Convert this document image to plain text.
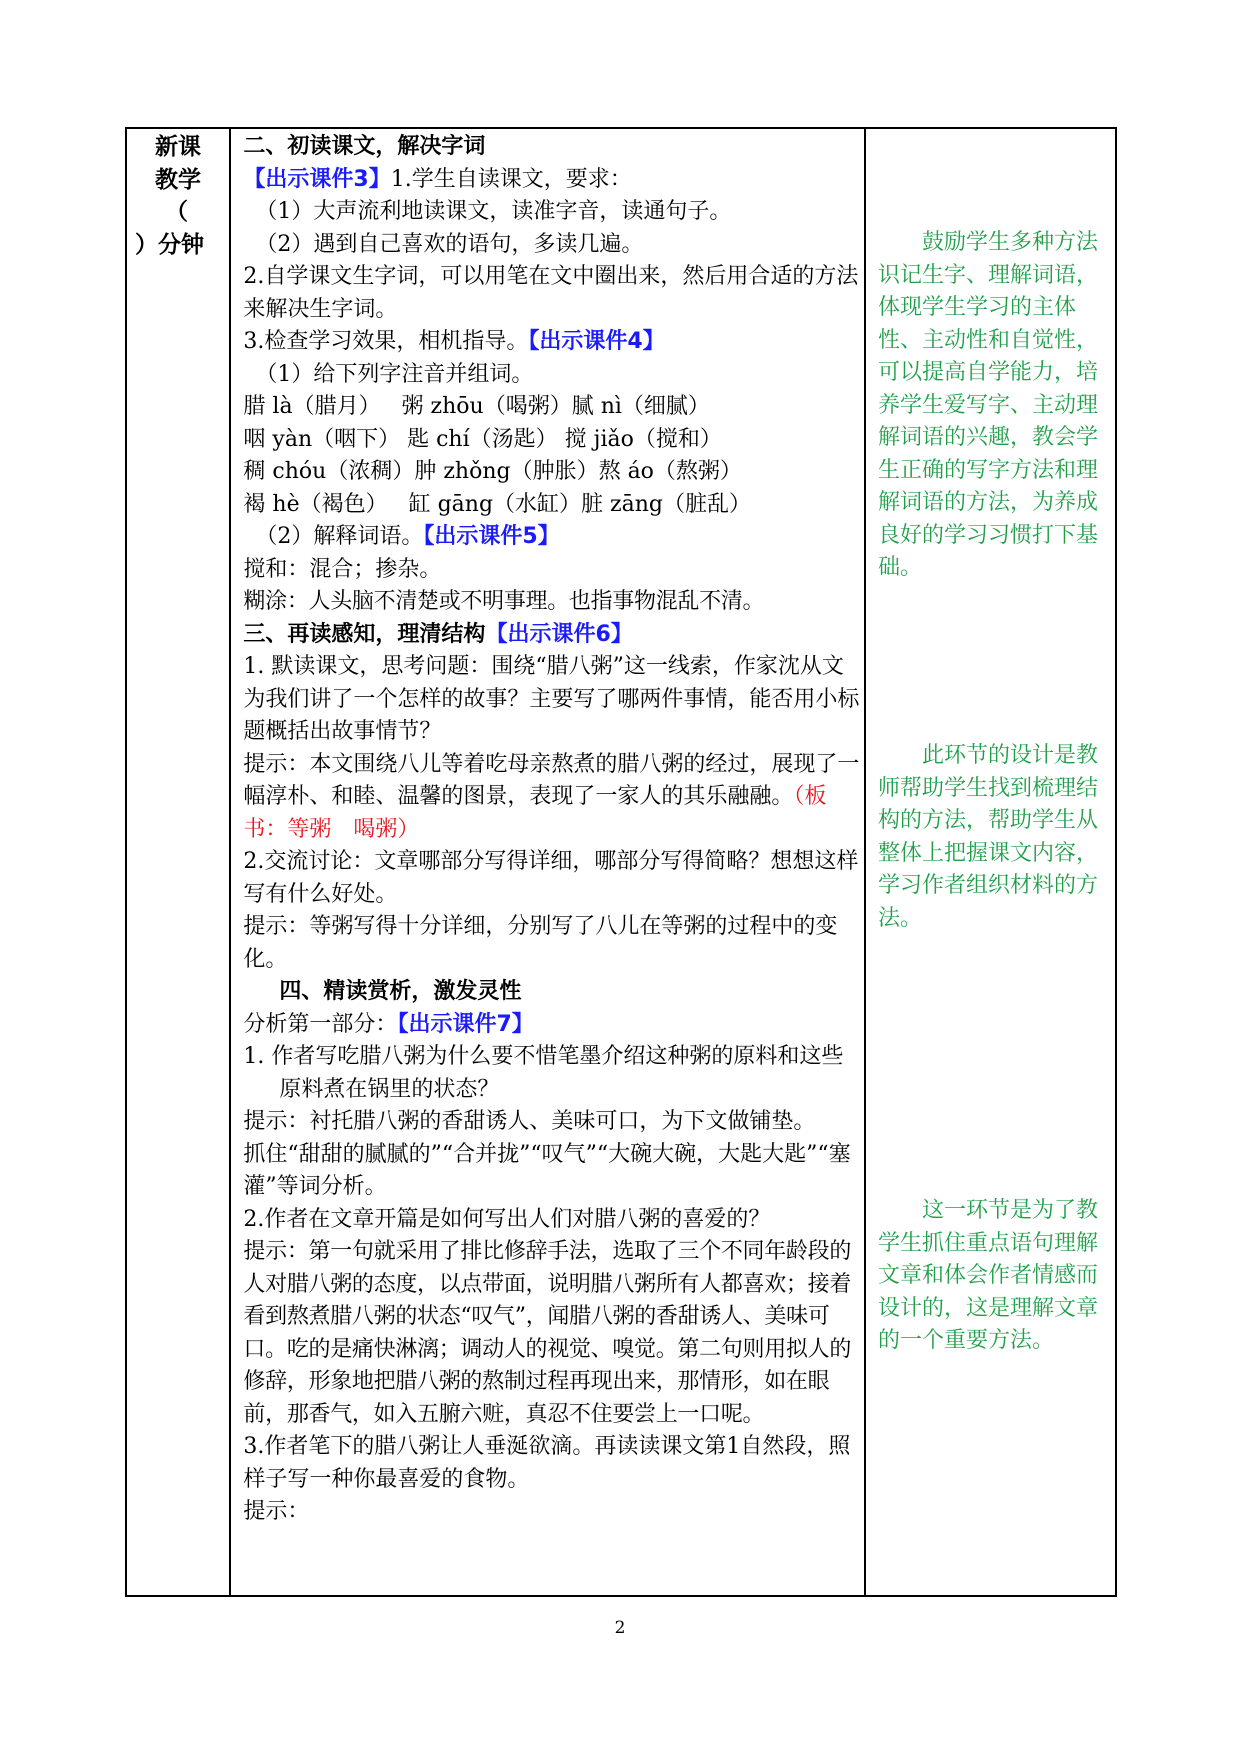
新课
教学
（
）分钟

二、初读课文，解决字词

【出示课件3】1.学生自读课文，要求：

（1）大声流利地读课文，读准字音，读通句子。

（2）遇到自己喜欢的语句，多读几遍。

2.自学课文生字词，可以用笔在文中圈出来，然后用合适的方法来解决生字词。

3.检查学习效果，相机指导。【出示课件4】

（1）给下列字注音并组词。

腊 là（腊月）   粥 zhōu（喝粥）腻 nì（细腻）

咽 yàn（咽下） 匙 chí（汤匙） 搅 jiǎo（搅和）

稠 chóu（浓稠）肿 zhǒng（肿胀）熬 áo（熬粥）

褐 hè（褐色）   缸 gāng（水缸）脏 zāng（脏乱）

（2）解释词语。【出示课件5】

搅和：混合；掺杂。

糊涂：人头脑不清楚或不明事理。也指事物混乱不清。

三、再读感知，理清结构【出示课件6】

1. 默读课文，思考问题：围绕“腊八粥”这一线索，作家沈从文为我们讲了一个怎样的故事？主要写了哪两件事情，能否用小标题概括出故事情节？

提示：本文围绕八儿等着吃母亲熬煮的腊八粥的经过，展现了一幅淳朴、和睦、温馨的图景，表现了一家人的其乐融融。（板书：等粥　喝粥）

2.交流讨论：文章哪部分写得详细，哪部分写得简略？想想这样写有什么好处。

提示：等粥写得十分详细，分别写了八儿在等粥的过程中的变化。

四、精读赏析，激发灵性

分析第一部分：【出示课件7】

1. 作者写吃腊八粥为什么要不惜笔墨介绍这种粥的原料和这些原料煮在锅里的状态？

提示：衬托腊八粥的香甜诱人、美味可口，为下文做铺垫。

抓住“甜甜的腻腻的”“合并拢”“叹气”“大碗大碗，大匙大匙”“塞灌”等词分析。

2.作者在文章开篇是如何写出人们对腊八粥的喜爱的？

提示：第一句就采用了排比修辞手法，选取了三个不同年龄段的人对腊八粥的态度，以点带面，说明腊八粥所有人都喜欢；接着看到熬煮腊八粥的状态“叹气”，闻腊八粥的香甜诱人、美味可口。吃的是痛快淋漓；调动人的视觉、嗅觉。第二句则用拟人的修辞，形象地把腊八粥的熬制过程再现出来，那情形，如在眼前，那香气，如入五腑六赃，真忍不住要尝上一口呢。

3.作者笔下的腊八粥让人垂涎欲滴。再读读课文第1自然段，照样子写一种你最喜爱的食物。

提示：

鼓励学生多种方法识记生字、理解词语，体现学生学习的主体性、主动性和自觉性，可以提高自学能力，培养学生爱写字、主动理解词语的兴趣，教会学生正确的写字方法和理解词语的方法，为养成良好的学习习惯打下基础。

此环节的设计是教师帮助学生找到梳理结构的方法，帮助学生从整体上把握课文内容，学习作者组织材料的方法。

这一环节是为了教学生抓住重点语句理解文章和体会作者情感而设计的，这是理解文章的一个重要方法。

2
